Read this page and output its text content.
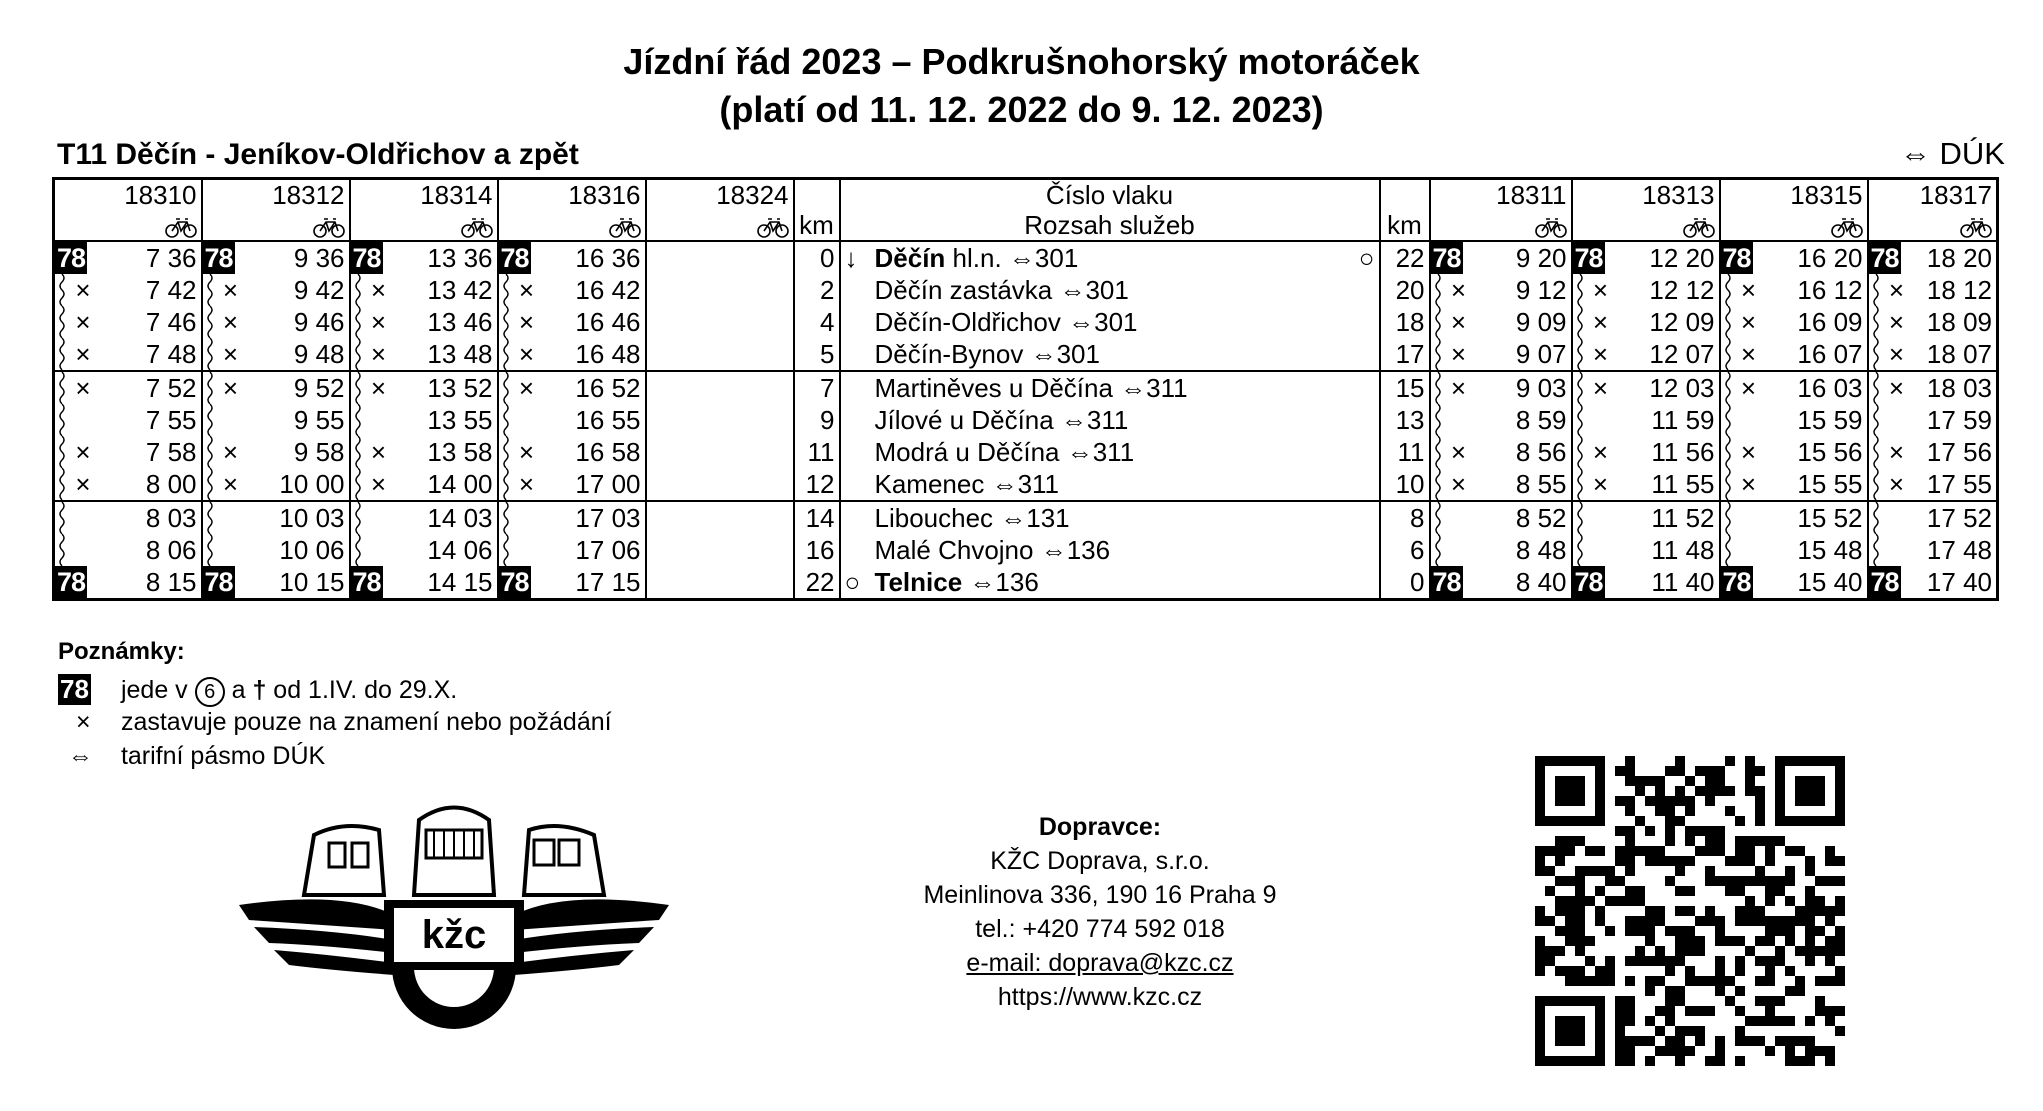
Jízdní řád 2023 – Podkrušnohorský motoráček
(platí od 11. 12. 2022 do 9. 12. 2023)
T11 Děčín - Jeníkov-Oldřichov a zpět	⇔ DÚK
18310	18312	18314	18316	18324		Číslo vlaku		18311	18313	18315	18317
					km	Rozsah služeb	km				

78 7 36	78 9 36	78 13 36	78 16 36		0	↓ Děčín hl.n. ⇔301 ○	22	78 9 20	78 12 20	78 16 20	78 18 20

× 7 42	× 9 42	× 13 42	× 16 42		2	Děčín zastávka ⇔301	20	× 9 12	× 12 12	× 16 12	× 18 12

× 7 46	× 9 46	× 13 46	× 16 46		4	Děčín-Oldřichov ⇔301	18	× 9 09	× 12 09	× 16 09	× 18 09

× 7 48	× 9 48	× 13 48	× 16 48		5	Děčín-Bynov ⇔301	17	× 9 07	× 12 07	× 16 07	× 18 07

× 7 52	× 9 52	× 13 52	× 16 52		7	Martiněves u Děčína ⇔311	15	× 9 03	× 12 03	× 16 03	× 18 03

7 55	9 55	13 55	16 55		9	Jílové u Děčína ⇔311	13	8 59	11 59	15 59	17 59

× 7 58	× 9 58	× 13 58	× 16 58		11	Modrá u Děčína ⇔311	11	× 8 56	× 11 56	× 15 56	× 17 56

× 8 00	× 10 00	× 14 00	× 17 00		12	Kamenec ⇔311	10	× 8 55	× 11 55	× 15 55	× 17 55

8 03	10 03	14 03	17 03		14	Libouchec ⇔131	8	8 52	11 52	15 52	17 52

8 06	10 06	14 06	17 06		16	Malé Chvojno ⇔136	6	8 48	11 48	15 48	17 48

78 8 15	78 10 15	78 14 15	78 17 15		22	○ Telnice ⇔136	0	78 8 40	78 11 40	78 15 40	78 17 40
Poznámky:
78 jede v 6 a † od 1.IV. do 29.X.
× zastavuje pouze na znamení nebo požádání
⇔ tarifní pásmo DÚK
kžc
Dopravce:
KŽC Doprava, s.r.o.
Meinlinova 336, 190 16 Praha 9
tel.: +420 774 592 018
e-mail: doprava@kzc.cz
https://www.kzc.cz
